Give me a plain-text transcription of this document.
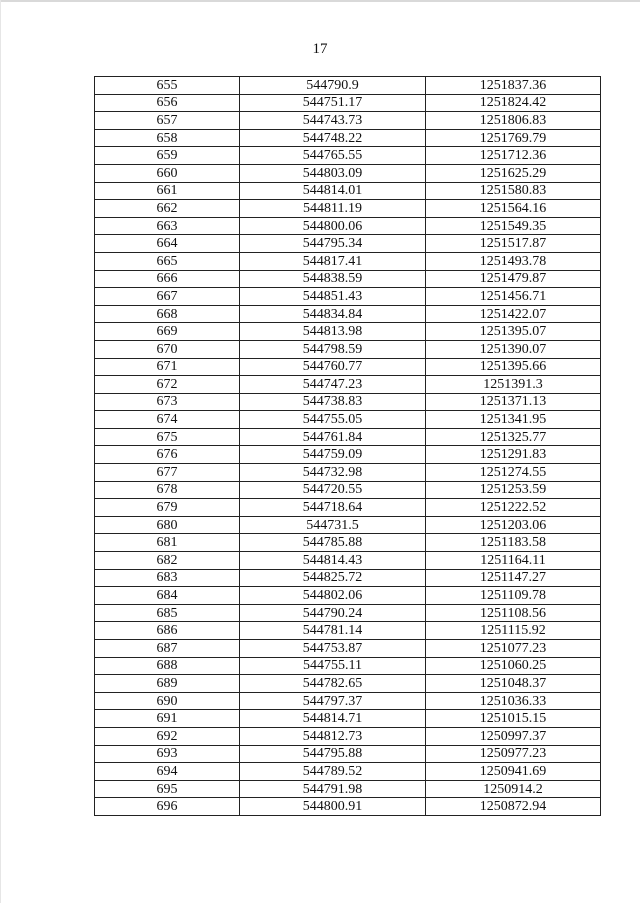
17
655	544790.9	1251837.36
656	544751.17	1251824.42
657	544743.73	1251806.83
658	544748.22	1251769.79
659	544765.55	1251712.36
660	544803.09	1251625.29
661	544814.01	1251580.83
662	544811.19	1251564.16
663	544800.06	1251549.35
664	544795.34	1251517.87
665	544817.41	1251493.78
666	544838.59	1251479.87
667	544851.43	1251456.71
668	544834.84	1251422.07
669	544813.98	1251395.07
670	544798.59	1251390.07
671	544760.77	1251395.66
672	544747.23	1251391.3
673	544738.83	1251371.13
674	544755.05	1251341.95
675	544761.84	1251325.77
676	544759.09	1251291.83
677	544732.98	1251274.55
678	544720.55	1251253.59
679	544718.64	1251222.52
680	544731.5	1251203.06
681	544785.88	1251183.58
682	544814.43	1251164.11
683	544825.72	1251147.27
684	544802.06	1251109.78
685	544790.24	1251108.56
686	544781.14	1251115.92
687	544753.87	1251077.23
688	544755.11	1251060.25
689	544782.65	1251048.37
690	544797.37	1251036.33
691	544814.71	1251015.15
692	544812.73	1250997.37
693	544795.88	1250977.23
694	544789.52	1250941.69
695	544791.98	1250914.2
696	544800.91	1250872.94
